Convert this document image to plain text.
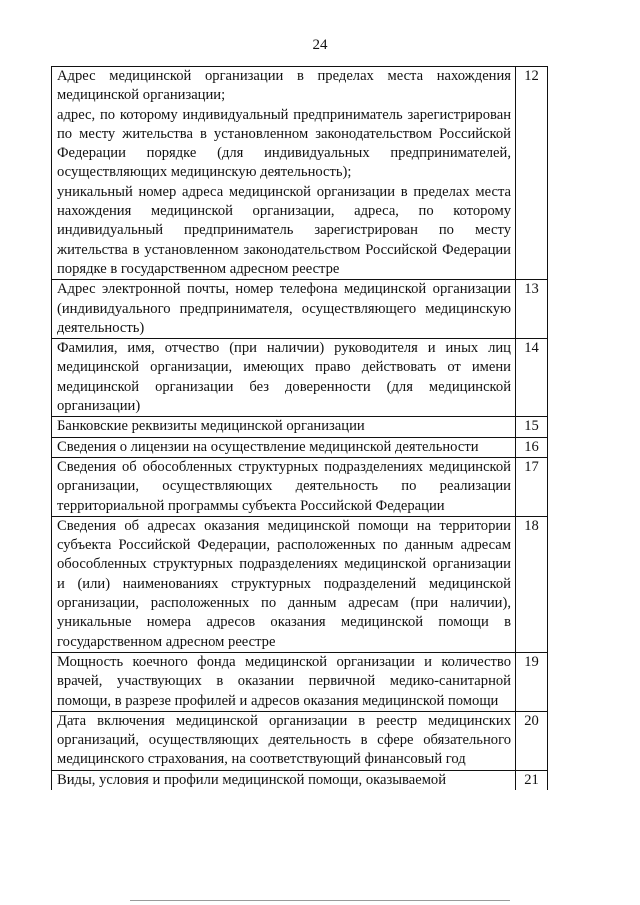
24
Адрес медицинской организации в пределах места нахождения медицинской организации;
адрес, по которому индивидуальный предприниматель зарегистрирован по месту жительства в установленном законодательством Российской Федерации порядке (для индивидуальных предпринимателей, осуществляющих медицинскую деятельность);
уникальный номер адреса медицинской организации в пределах места нахождения медицинской организации, адреса, по которому индивидуальный предприниматель зарегистрирован по месту жительства в установленном законодательством Российской Федерации порядке в государственном адресном реестре	12

Адрес электронной почты, номер телефона медицинской организации (индивидуального предпринимателя, осуществляющего медицинскую деятельность)	13

Фамилия, имя, отчество (при наличии) руководителя и иных лиц медицинской организации, имеющих право действовать от имени медицинской организации без доверенности (для медицинской организации)	14

Банковские реквизиты медицинской организации	15

Сведения о лицензии на осуществление медицинской деятельности	16

Сведения об обособленных структурных подразделениях медицинской организации, осуществляющих деятельность по реализации территориальной программы субъекта Российской Федерации	17

Сведения об адресах оказания медицинской помощи на территории субъекта Российской Федерации, расположенных по данным адресам обособленных структурных подразделениях медицинской организации и (или) наименованиях структурных подразделений медицинской организации, расположенных по данным адресам (при наличии), уникальные номера адресов оказания медицинской помощи в государственном адресном реестре	18

Мощность коечного фонда медицинской организации и количество врачей, участвующих в оказании первичной медико-санитарной помощи, в разрезе профилей и адресов оказания медицинской помощи	19

Дата включения медицинской организации в реестр медицинских организаций, осуществляющих деятельность в сфере обязательного медицинского страхования, на соответствующий финансовый год	20

Виды, условия и профили медицинской помощи, оказываемой	21
